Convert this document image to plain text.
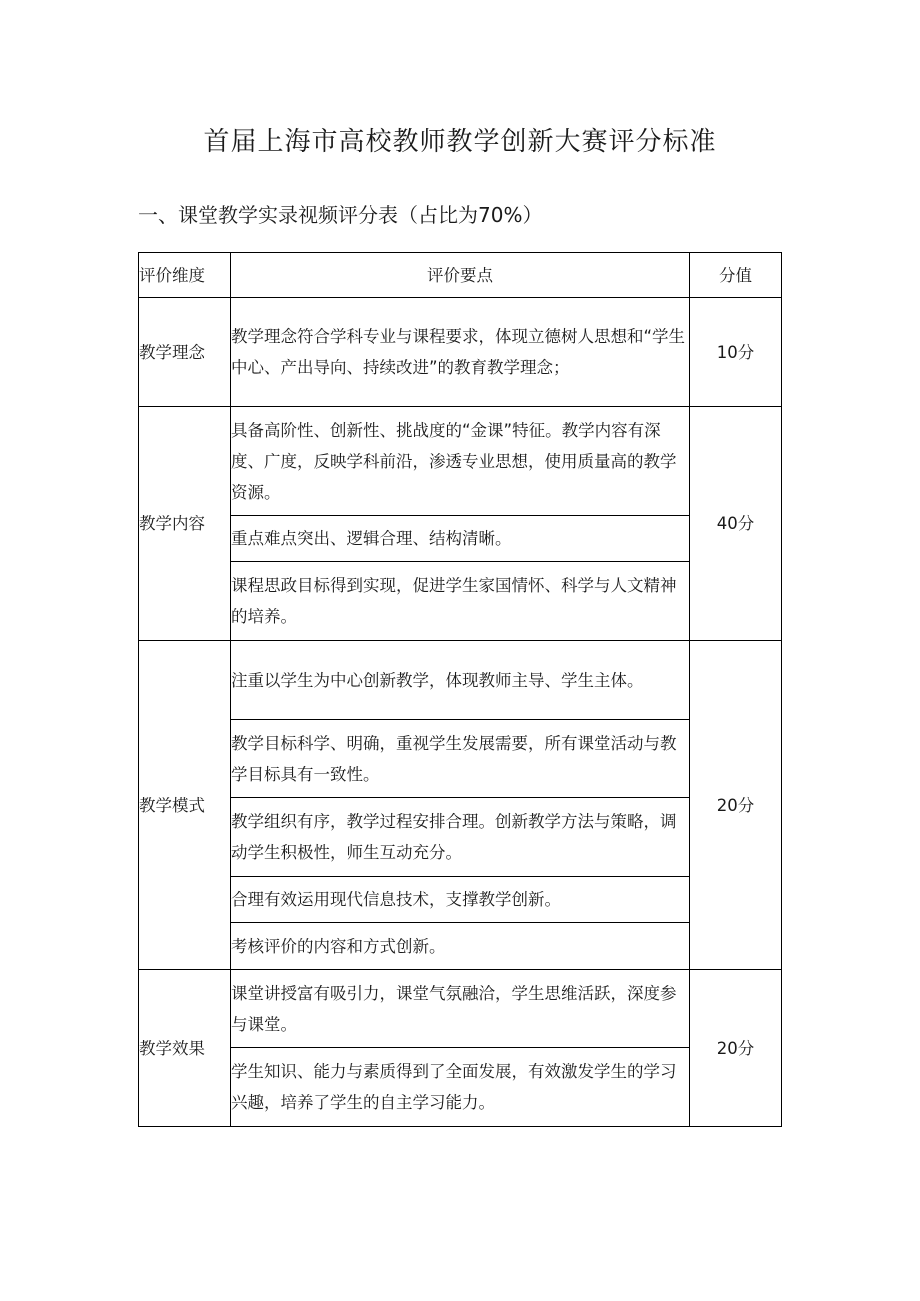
首届上海市高校教师教学创新大赛评分标准
一、课堂教学实录视频评分表（占比为70%）
评价维度	评价要点	分值
教学理念	教学理念符合学科专业与课程要求，体现立德树人思想和“学生中心、产出导向、持续改进”的教育教学理念；	10分
教学内容	具备高阶性、创新性、挑战度的“金课”特征。教学内容有深度、广度，反映学科前沿，渗透专业思想，使用质量高的教学资源。	40分
	重点难点突出、逻辑合理、结构清晰。	
	课程思政目标得到实现，促进学生家国情怀、科学与人文精神的培养。	
教学模式	注重以学生为中心创新教学，体现教师主导、学生主体。	20分
	教学目标科学、明确，重视学生发展需要，所有课堂活动与教学目标具有一致性。	
	教学组织有序，教学过程安排合理。创新教学方法与策略，调动学生积极性，师生互动充分。	
	合理有效运用现代信息技术，支撑教学创新。	
	考核评价的内容和方式创新。	
教学效果	课堂讲授富有吸引力，课堂气氛融洽，学生思维活跃，深度参与课堂。	20分
	学生知识、能力与素质得到了全面发展，有效激发学生的学习兴趣，培养了学生的自主学习能力。	
